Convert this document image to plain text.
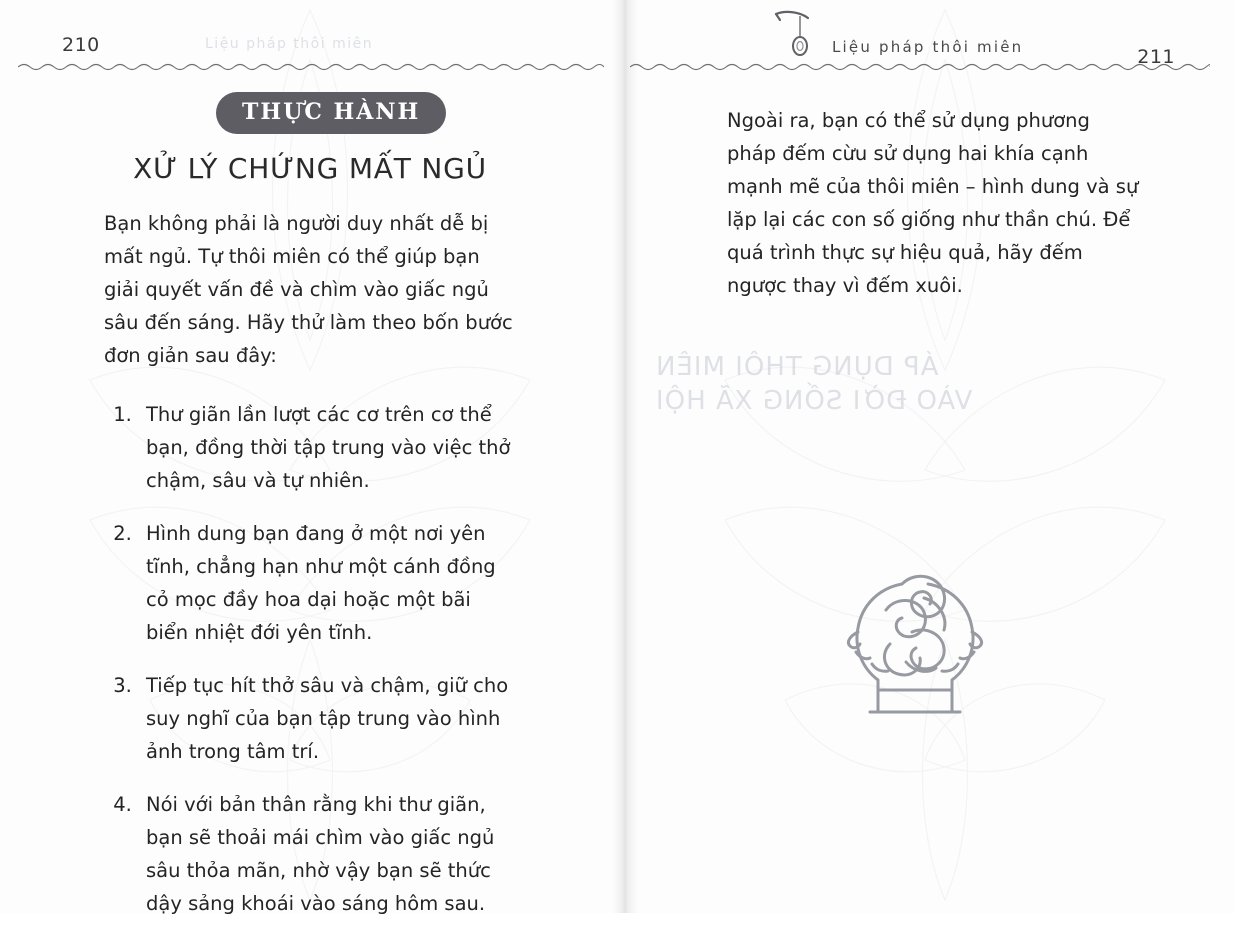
Liệu pháp thôi miên
ÁP DỤNG THÔI MIÊN
VÀO ĐỜI SỐNG XÃ HỘI
210
THỰC HÀNH
XỬ LÝ CHỨNG MẤT NGỦ

Bạn không phải là người duy nhất dễ bị mất ngủ. Tự thôi miên có thể giúp bạn giải quyết vấn đề và chìm vào giấc ngủ sâu đến sáng. Hãy thử làm theo bốn bước đơn giản sau đây:

1. Thư giãn lần lượt các cơ trên cơ thể bạn, đồng thời tập trung vào việc thở chậm, sâu và tự nhiên.
2. Hình dung bạn đang ở một nơi yên tĩnh, chẳng hạn như một cánh đồng cỏ mọc đầy hoa dại hoặc một bãi biển nhiệt đới yên tĩnh.
3. Tiếp tục hít thở sâu và chậm, giữ cho suy nghĩ của bạn tập trung vào hình ảnh trong tâm trí.
4. Nói với bản thân rằng khi thư giãn, bạn sẽ thoải mái chìm vào giấc ngủ sâu thỏa mãn, nhờ vậy bạn sẽ thức dậy sảng khoái vào sáng hôm sau.
Liệu pháp thôi miên	211

Ngoài ra, bạn có thể sử dụng phương pháp đếm cừu sử dụng hai khía cạnh mạnh mẽ của thôi miên – hình dung và sự lặp lại các con số giống như thần chú. Để quá trình thực sự hiệu quả, hãy đếm ngược thay vì đếm xuôi.
